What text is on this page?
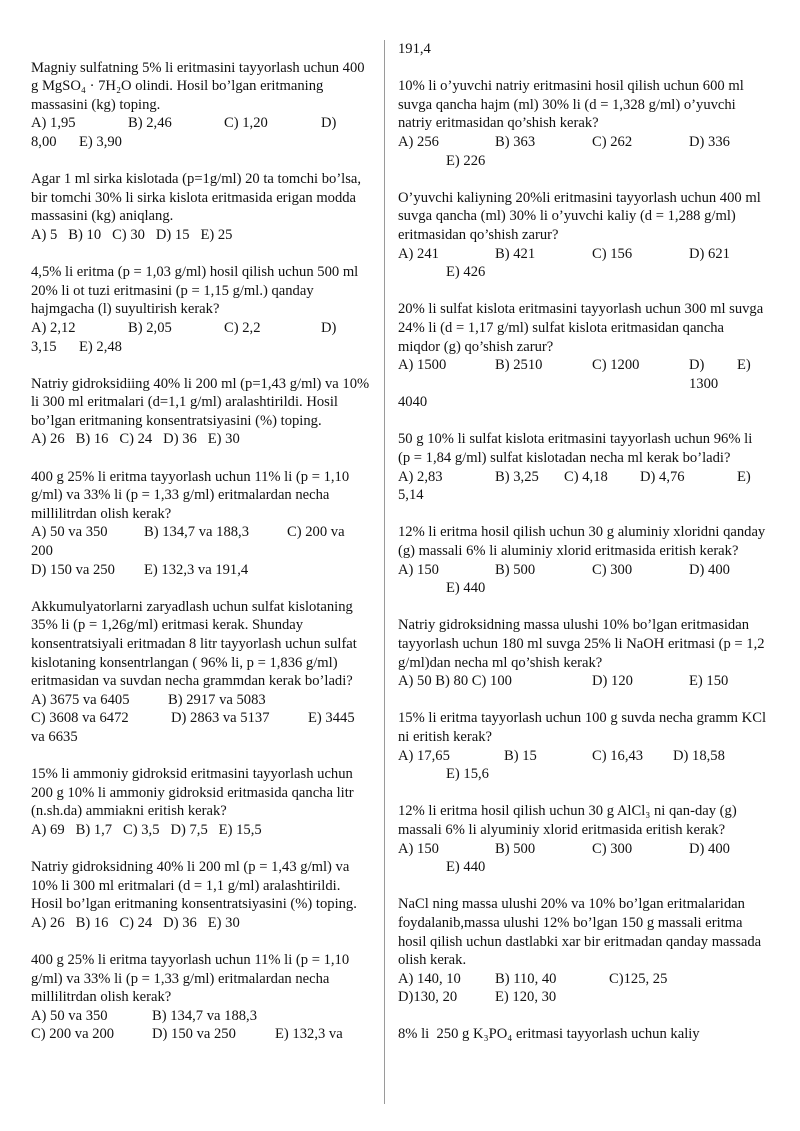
Magniy sulfatning 5% li eritmasini tayyorlash uchun 400 g MgSO₄ · 7H₂O olindi. Hosil bo’lgan eritmaning massasini (kg) toping.

A) 1,95	B) 2,46	C) 1,20	D)
8,00	E) 3,90

Agar 1 ml sirka kislotada (p=1g/ml) 20 ta tomchi bo’lsa, bir tomchi 30% li sirka kislota eritmasida erigan modda massasini (kg) aniqlang.

A) 5   B) 10   C) 30   D) 15   E) 25

4,5% li eritma (p = 1,03 g/ml) hosil qilish uchun 500 ml 20% li ot tuzi eritmasini (p = 1,15 g/ml.) qanday hajmgacha (l) suyultirish kerak?

A) 2,12	B) 2,05	C) 2,2	D)
3,15	E) 2,48

Natriy gidroksidiing 40% li 200 ml (p=1,43 g/ml) va 10% li 300 ml eritmalari (d=1,1 g/ml) aralashtirildi. Hosil bo’lgan eritmaning konsentratsiyasini (%) toping.

A) 26   B) 16   C) 24   D) 36   E) 30

400 g 25% li eritma tayyorlash uchun 11% li (p = 1,10 g/ml) va 33% li (p = 1,33 g/ml) eritmalardan necha millilitrdan olish kerak?

A) 50 va 350	B) 134,7 va 188,3	C) 200 va

200

D) 150 va 250	E) 132,3 va 191,4

Akkumulyatorlarni zaryadlash uchun sulfat kislotaning 35% li (p = 1,26g/ml) eritmasi kerak. Shunday konsentratsiyali eritmadan 8 litr tayyorlash uchun sulfat kislotaning konsentrlangan ( 96% li, p = 1,836 g/ml) eritmasidan va suvdan necha grammdan kerak bo’ladi?

A) 3675 va 6405	B) 2917 va 5083
C) 3608 va 6472	D) 2863 va 5137	E) 3445

va 6635

15% li ammoniy gidroksid eritmasini tayyorlash uchun 200 g 10% li ammoniy gidroksid eritmasida qancha litr (n.sh.da) ammiakni eritish kerak?

A) 69   B) 1,7   C) 3,5   D) 7,5   E) 15,5

Natriy gidroksidning 40% li 200 ml (p = 1,43 g/ml) va 10% li 300 ml eritmalari (d = 1,1 g/ml) aralashtirildi. Hosil bo’lgan eritmaning konsentratsiyasini (%) toping.

A) 26   B) 16   C) 24   D) 36   E) 30

400 g 25% li eritma tayyorlash uchun 11% li (p = 1,10 g/ml) va 33% li (p = 1,33 g/ml) eritmalardan necha millilitrdan olish kerak?

A) 50 va 350	B) 134,7 va 188,3
C) 200 va 200	D) 150 va 250	E) 132,3 va

191,4

10% li o’yuvchi natriy eritmasini hosil qilish uchun 600 ml suvga qancha hajm (ml) 30% li (d = 1,328 g/ml) o’yuvchi natriy eritmasidan qo’shish kerak?

A) 256	B) 363	C) 262	D) 336

E) 226

O’yuvchi kaliyning 20%li eritmasini tayyorlash uchun 400 ml suvga qancha (ml) 30% li o’yuvchi kaliy (d = 1,288 g/ml) eritmasidan qo’shish zarur?

A) 241	B) 421	C) 156	D) 621

E) 426

20% li sulfat kislota eritmasini tayyorlash uchun 300 ml suvga 24% li (d = 1,17 g/ml) sulfat kislota eritmasidan qancha miqdor (g) qo’shish zarur?

A) 1500	B) 2510	C) 1200	D) 1300
E)

4040

50 g 10% li sulfat kislota eritmasini tayyorlash uchun 96% li (p = 1,84 g/ml) sulfat kislotadan necha ml kerak bo’ladi?

A) 2,83	B) 3,25	C) 4,18	D) 4,76	E)

5,14

12% li eritma hosil qilish uchun 30 g aluminiy xloridni qanday (g) massali 6% li aluminiy xlorid eritmasida eritish kerak?

A) 150	B) 500	C) 300	D) 400

E) 440

Natriy gidroksidning massa ulushi 10% bo’lgan eritmasidan tayyorlash uchun 180 ml suvga 25% li NaOH eritmasi (p = 1,2 g/ml)dan necha ml qo’shish kerak?

A) 50 B) 80 C) 100	D) 120	E) 150

15% li eritma tayyorlash uchun 100 g suvda necha gramm KCl ni eritish kerak?

A) 17,65	B) 15	C) 16,43	D) 18,58

E) 15,6

12% li eritma hosil qilish uchun 30 g AlCl₃ ni qan-day (g) massali 6% li alyuminiy xlorid eritmasida eritish kerak?

A) 150	B) 500	C) 300	D) 400

E) 440

NaCl ning massa ulushi 20% va 10% bo’lgan eritmalaridan foydalanib,massa ulushi 12% bo’lgan 150 g massali eritma hosil qilish uchun dastlabki xar bir eritmadan qanday massada olish kerak.

A) 140, 10	B) 110, 40	C)125, 25
D)130, 20	E) 120, 30

8% li  250 g K₃PO₄ eritmasi tayyorlash uchun kaliy
